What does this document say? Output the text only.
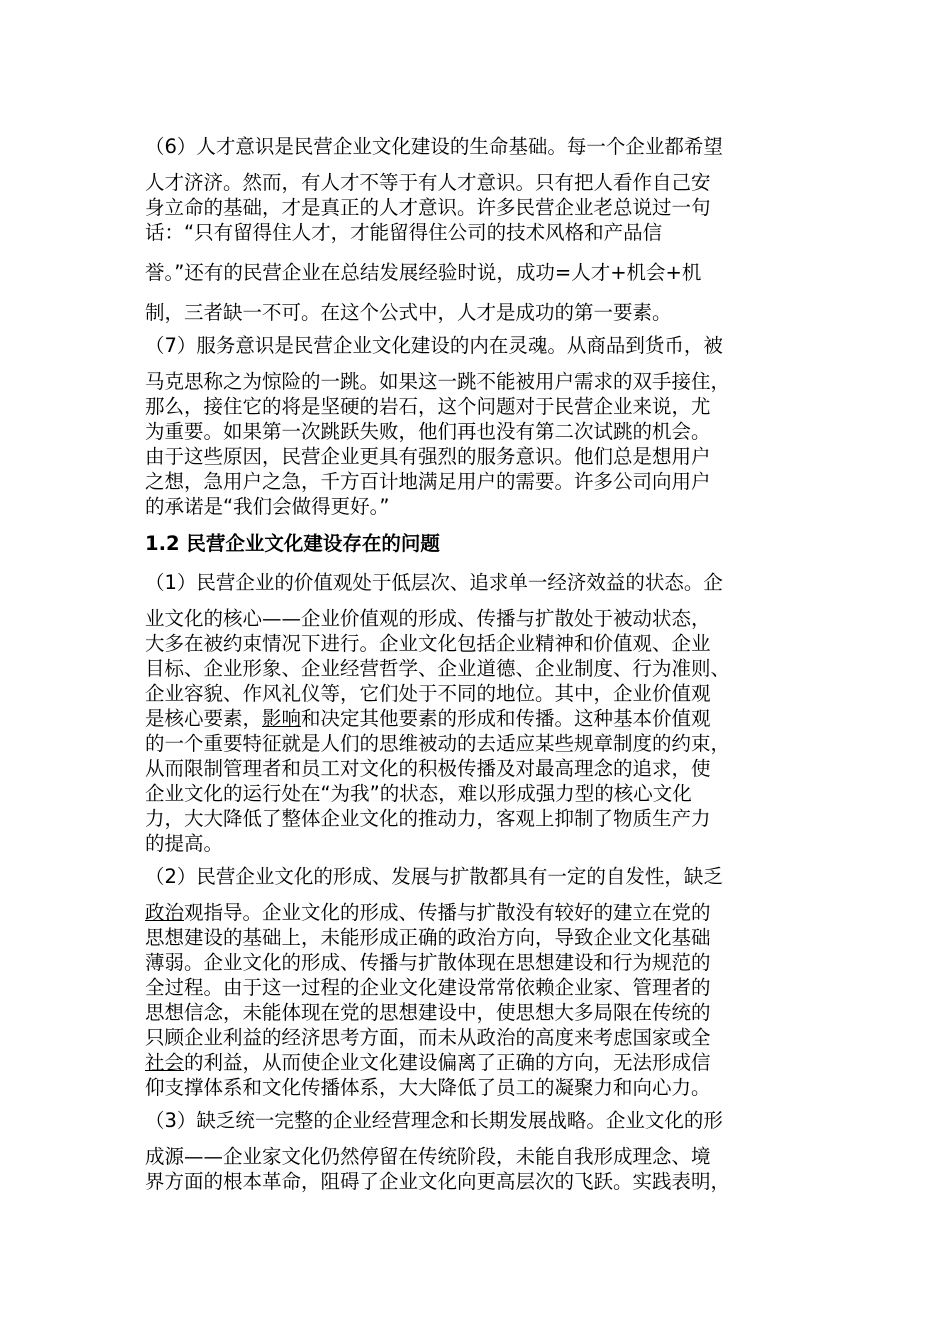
（6）人才意识是民营企业文化建设的生命基础。每一个企业都希望
人才济济。然而，有人才不等于有人才意识。只有把人看作自己安
身立命的基础，才是真正的人才意识。许多民营企业老总说过一句
话：“只有留得住人才，才能留得住公司的技术风格和产品信
誉。”还有的民营企业在总结发展经验时说，成功=人才+机会+机
制，三者缺一不可。在这个公式中，人才是成功的第一要素。
（7）服务意识是民营企业文化建设的内在灵魂。从商品到货币，被
马克思称之为惊险的一跳。如果这一跳不能被用户需求的双手接住，
那么，接住它的将是坚硬的岩石，这个问题对于民营企业来说，尤
为重要。如果第一次跳跃失败，他们再也没有第二次试跳的机会。
由于这些原因，民营企业更具有强烈的服务意识。他们总是想用户
之想，急用户之急，千方百计地满足用户的需要。许多公司向用户
的承诺是“我们会做得更好。”
1.2 民营企业文化建设存在的问题
（1）民营企业的价值观处于低层次、追求单一经济效益的状态。企
业文化的核心——企业价值观的形成、传播与扩散处于被动状态，
大多在被约束情况下进行。企业文化包括企业精神和价值观、企业
目标、企业形象、企业经营哲学、企业道德、企业制度、行为准则、
企业容貌、作风礼仪等，它们处于不同的地位。其中，企业价值观
是核心要素，影响和决定其他要素的形成和传播。这种基本价值观
的一个重要特征就是人们的思维被动的去适应某些规章制度的约束，
从而限制管理者和员工对文化的积极传播及对最高理念的追求，使
企业文化的运行处在“为我”的状态，难以形成强力型的核心文化
力，大大降低了整体企业文化的推动力，客观上抑制了物质生产力
的提高。
（2）民营企业文化的形成、发展与扩散都具有一定的自发性，缺乏
政治观指导。企业文化的形成、传播与扩散没有较好的建立在党的
思想建设的基础上，未能形成正确的政治方向，导致企业文化基础
薄弱。企业文化的形成、传播与扩散体现在思想建设和行为规范的
全过程。由于这一过程的企业文化建设常常依赖企业家、管理者的
思想信念，未能体现在党的思想建设中，使思想大多局限在传统的
只顾企业利益的经济思考方面，而未从政治的高度来考虑国家或全
社会的利益，从而使企业文化建设偏离了正确的方向，无法形成信
仰支撑体系和文化传播体系，大大降低了员工的凝聚力和向心力。
（3）缺乏统一完整的企业经营理念和长期发展战略。企业文化的形
成源——企业家文化仍然停留在传统阶段，未能自我形成理念、境
界方面的根本革命，阻碍了企业文化向更高层次的飞跃。实践表明，
